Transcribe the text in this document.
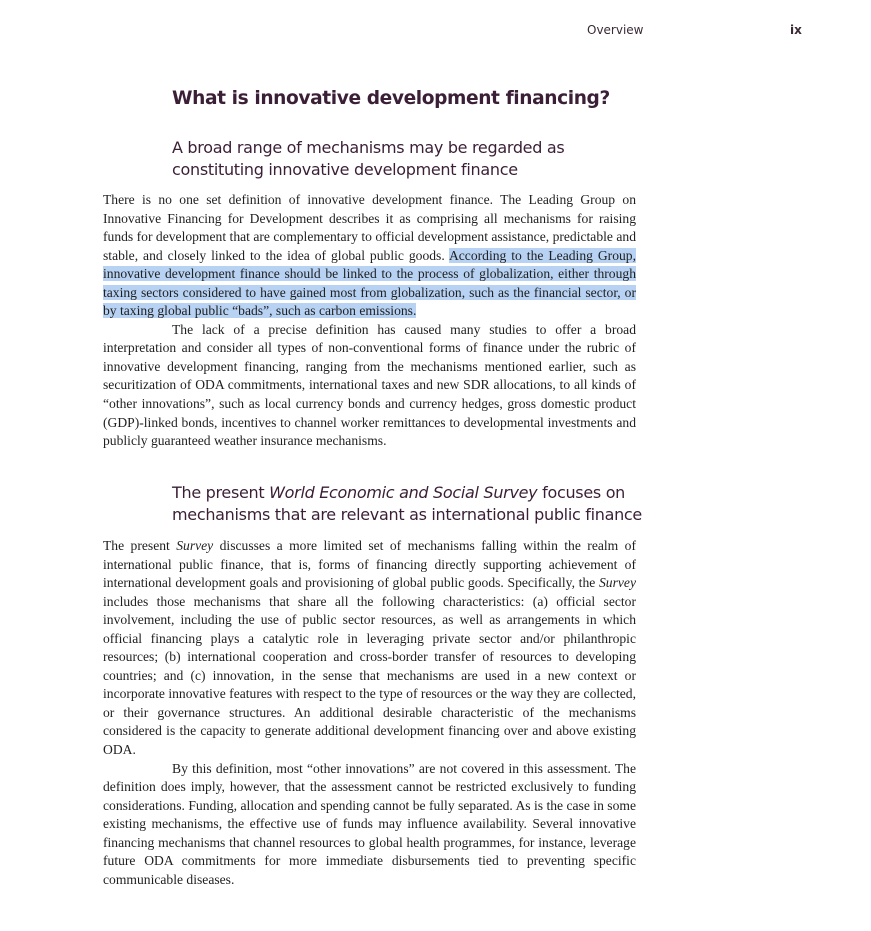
Overview	ix
What is innovative development financing?
A broad range of mechanisms may be regarded as
constituting innovative development finance

There is no one set definition of innovative development finance. The Leading Group on Innovative Financing for Development describes it as comprising all mechanisms for raising funds for development that are complementary to official development assistance, predictable and stable, and closely linked to the idea of global public goods. According to the Leading Group, innovative development finance should be linked to the process of globalization, either through taxing sectors considered to have gained most from globalization, such as the financial sector, or by taxing global public “bads”, such as carbon emissions.

The lack of a precise definition has caused many studies to offer a broad interpretation and consider all types of non-conventional forms of finance under the rubric of innovative development financing, ranging from the mechanisms mentioned earlier, such as securitization of ODA commitments, international taxes and new SDR allocations, to all kinds of “other innovations”, such as local currency bonds and currency hedges, gross domestic product (GDP)-linked bonds, incentives to channel worker remittances to developmental investments and publicly guaranteed weather insurance mechanisms.

The present World Economic and Social Survey focuses on
mechanisms that are relevant as international public finance

The present Survey discusses a more limited set of mechanisms falling within the realm of international public finance, that is, forms of financing directly supporting achievement of international development goals and provisioning of global public goods. Specifically, the Survey includes those mechanisms that share all the following characteristics: (a) official sector involvement, including the use of public sector resources, as well as arrangements in which official financing plays a catalytic role in leveraging private sector and/or philanthropic resources; (b) international cooperation and cross-border transfer of resources to developing countries; and (c) innovation, in the sense that mechanisms are used in a new context or incorporate innovative features with respect to the type of resources or the way they are collected, or their governance structures. An additional desirable characteristic of the mechanisms considered is the capacity to generate additional development financing over and above existing ODA.

By this definition, most “other innovations” are not covered in this assessment. The definition does imply, however, that the assessment cannot be restricted exclusively to funding considerations. Funding, allocation and spending cannot be fully separated. As is the case in some existing mechanisms, the effective use of funds may influence availability. Several innovative financing mechanisms that channel resources to global health programmes, for instance, leverage future ODA commitments for more immediate disbursements tied to preventing specific communicable diseases.
